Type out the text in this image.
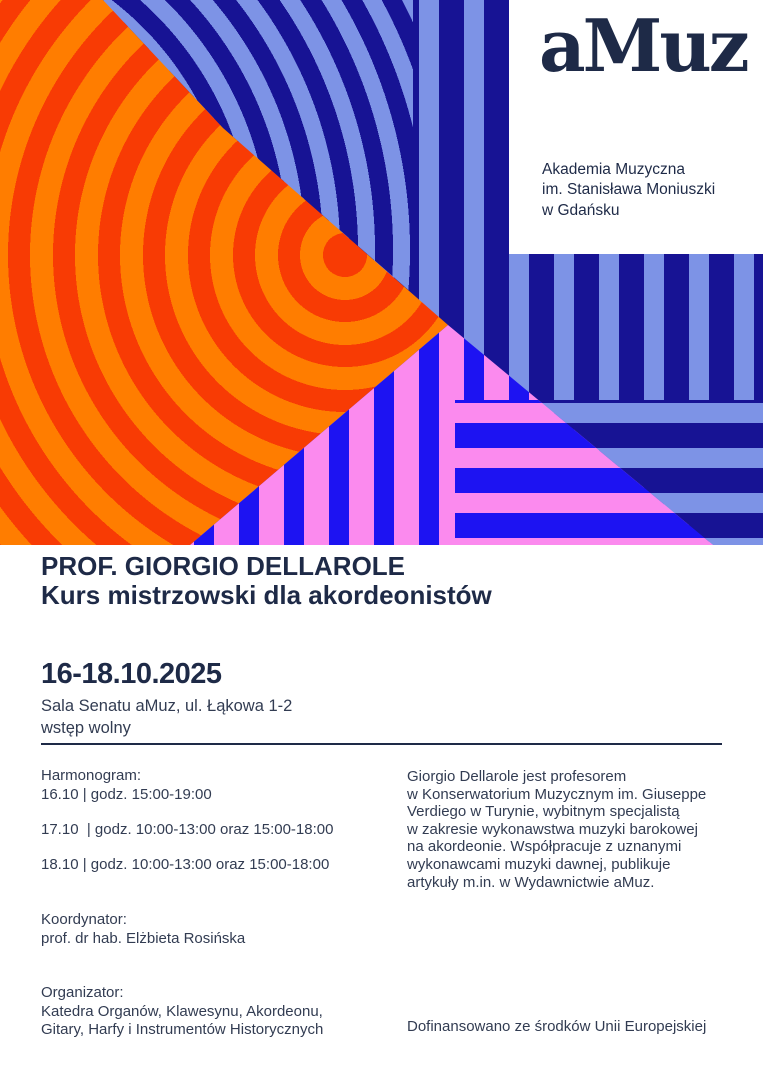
aMuz
Akademia Muzyczna
im. Stanisława Moniuszki
w Gdańsku
PROF. GIORGIO DELLAROLE
Kurs mistrzowski dla akordeonistów
16-18.10.2025
Sala Senatu aMuz, ul. Łąkowa 1-2
wstęp wolny
Harmonogram:
16.10 | godz. 15:00-19:00
17.10  | godz. 10:00-13:00 oraz 15:00-18:00
18.10 | godz. 10:00-13:00 oraz 15:00-18:00
Giorgio Dellarole jest profesorem
w Konserwatorium Muzycznym im. Giuseppe
Verdiego w Turynie, wybitnym specjalistą
w zakresie wykonawstwa muzyki barokowej
na akordeonie. Współpracuje z uznanymi
wykonawcami muzyki dawnej, publikuje
artykuły m.in. w Wydawnictwie aMuz.
Koordynator:
prof. dr hab. Elżbieta Rosińska
Organizator:
Katedra Organów, Klawesynu, Akordeonu,
Gitary, Harfy i Instrumentów Historycznych	Dofinansowano ze środków Unii Europejskiej
